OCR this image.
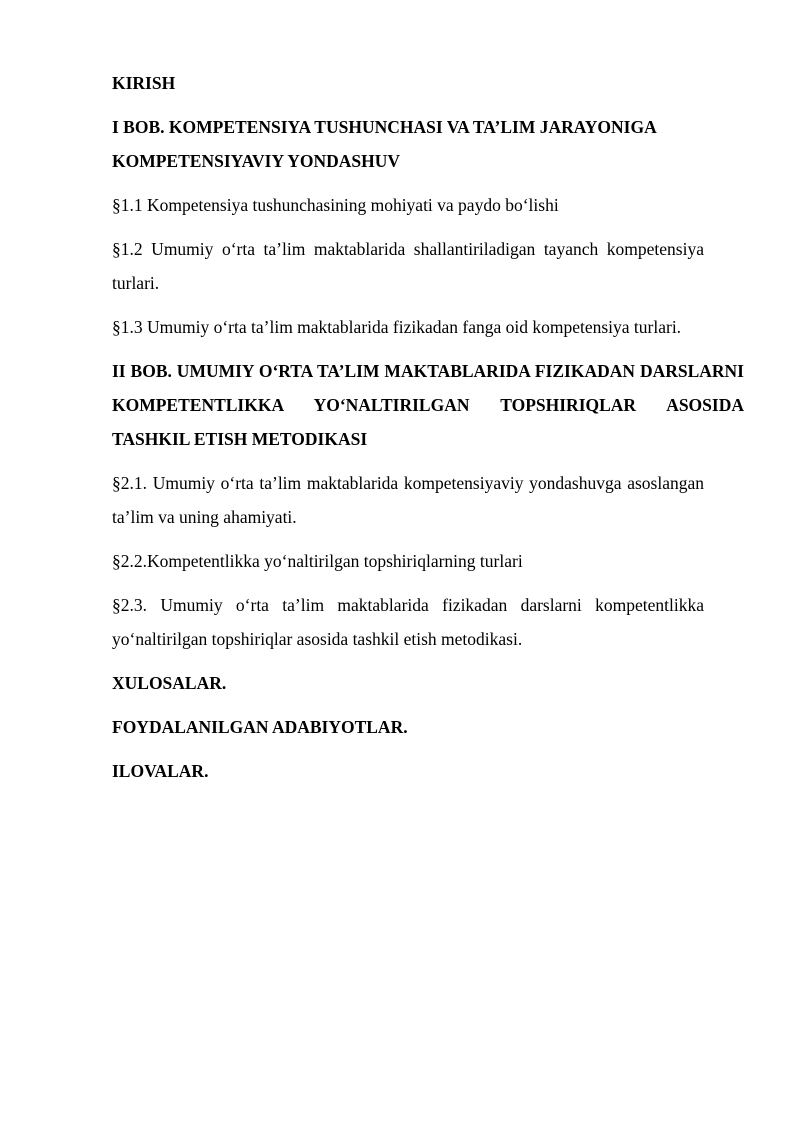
KIRISH

I BOB. KOMPETENSIYA TUSHUNCHASI VA TA’LIM JARAYONIGA KOMPETENSIYAVIY YONDASHUV

§1.1 Kompetensiya tushunchasining mohiyati va paydo bo‘lishi

§1.2 Umumiy o‘rta ta’lim maktablarida shallantiriladigan tayanch kompetensiya turlari.

§1.3 Umumiy o‘rta ta’lim maktablarida fizikadan fanga oid kompetensiya turlari.

II BOB. UMUMIY O‘RTA TA’LIM MAKTABLARIDA FIZIKADAN DARSLARNI KOMPETENTLIKKA YO‘NALTIRILGAN TOPSHIRIQLAR ASOSIDA TASHKIL ETISH METODIKASI

§2.1. Umumiy o‘rta ta’lim maktablarida kompetensiyaviy yondashuvga asoslangan ta’lim va uning ahamiyati.

§2.2.Kompetentlikka yo‘naltirilgan topshiriqlarning turlari

§2.3. Umumiy o‘rta ta’lim maktablarida fizikadan darslarni kompetentlikka yo‘naltirilgan topshiriqlar asosida tashkil etish metodikasi.

XULOSALAR.

FOYDALANILGAN ADABIYOTLAR.

ILOVALAR.
